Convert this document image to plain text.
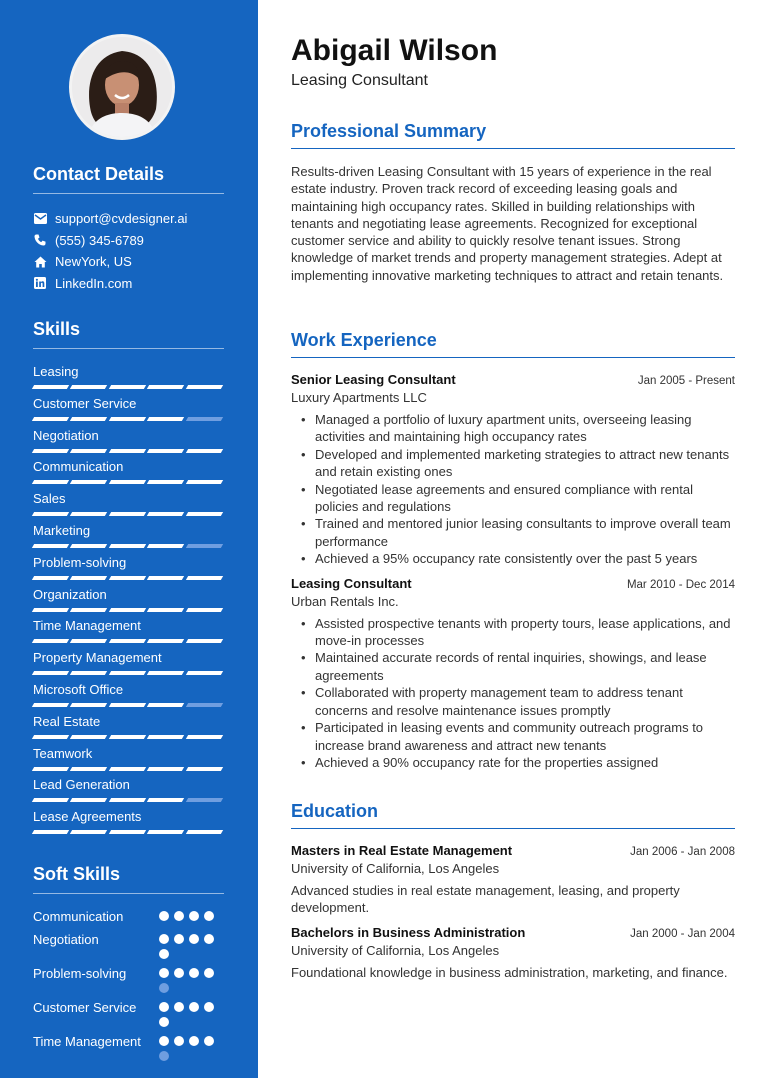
Contact Details
support@cvdesigner.ai
(555) 345-6789
NewYork, US
LinkedIn.com
Skills
Leasing
Customer Service
Negotiation
Communication
Sales
Marketing
Problem-solving
Organization
Time Management
Property Management
Microsoft Office
Real Estate
Teamwork
Lead Generation
Lease Agreements
Soft Skills
Communication
Negotiation
Problem-solving
Customer Service
Time Management
Abigail Wilson
Leasing Consultant
Professional Summary

Results-driven Leasing Consultant with 15 years of experience in the real estate industry. Proven track record of exceeding leasing goals and maintaining high occupancy rates. Skilled in building relationships with tenants and negotiating lease agreements. Recognized for exceptional customer service and ability to quickly resolve tenant issues. Strong knowledge of market trends and property management strategies. Adept at implementing innovative marketing techniques to attract and retain tenants.

Work Experience
Senior Leasing Consultant	Jan 2005 - Present
Luxury Apartments LLC
• Managed a portfolio of luxury apartment units, overseeing leasing activities and maintaining high occupancy rates
• Developed and implemented marketing strategies to attract new tenants and retain existing ones
• Negotiated lease agreements and ensured compliance with rental policies and regulations
• Trained and mentored junior leasing consultants to improve overall team performance
• Achieved a 95% occupancy rate consistently over the past 5 years
Leasing Consultant	Mar 2010 - Dec 2014
Urban Rentals Inc.
• Assisted prospective tenants with property tours, lease applications, and move-in processes
• Maintained accurate records of rental inquiries, showings, and lease agreements
• Collaborated with property management team to address tenant concerns and resolve maintenance issues promptly
• Participated in leasing events and community outreach programs to increase brand awareness and attract new tenants
• Achieved a 90% occupancy rate for the properties assigned
Education
Masters in Real Estate Management	Jan 2006 - Jan 2008
University of California, Los Angeles

Advanced studies in real estate management, leasing, and property development.

Bachelors in Business Administration	Jan 2000 - Jan 2004
University of California, Los Angeles

Foundational knowledge in business administration, marketing, and finance.
